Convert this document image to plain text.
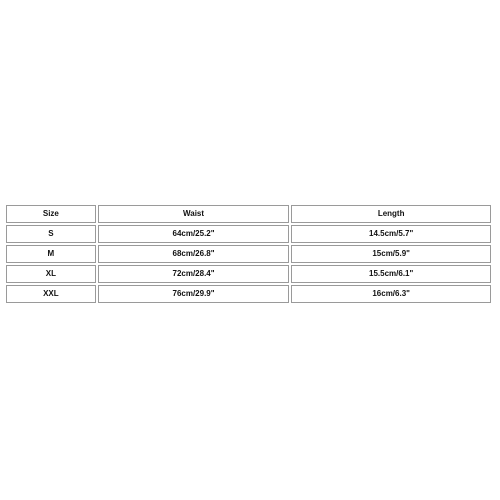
Size	Waist	Length
S	64cm/25.2"	14.5cm/5.7"
M	68cm/26.8"	15cm/5.9"
XL	72cm/28.4"	15.5cm/6.1"
XXL	76cm/29.9"	16cm/6.3"
